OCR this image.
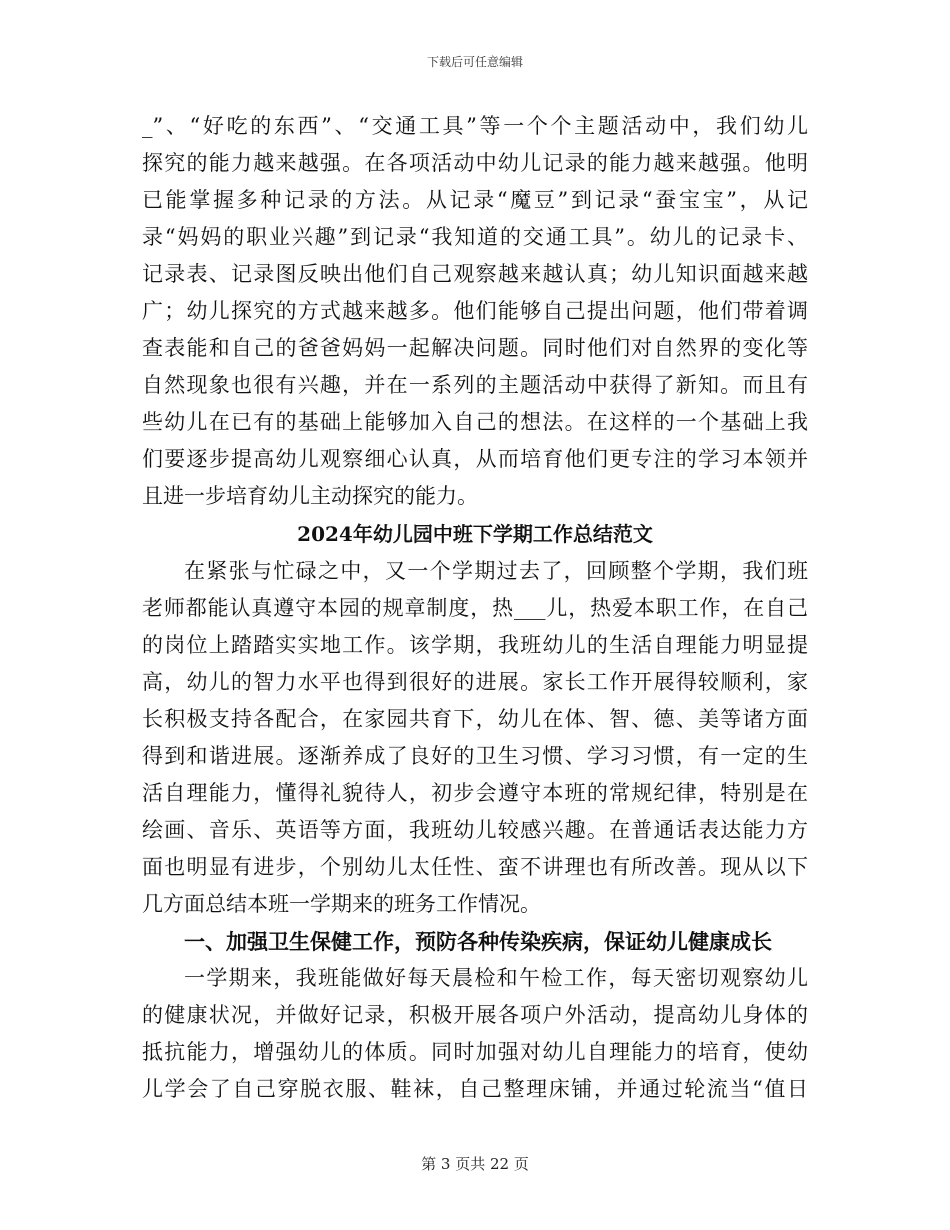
下载后可任意编辑
_”、“好吃的东西”、“交通工具”等一个个主题活动中，我们幼儿
探究的能力越来越强。在各项活动中幼儿记录的能力越来越强。他明
已能掌握多种记录的方法。从记录“魔豆”到记录“蚕宝宝”，从记
录“妈妈的职业兴趣”到记录“我知道的交通工具”。幼儿的记录卡、
记录表、记录图反映出他们自己观察越来越认真；幼儿知识面越来越
广；幼儿探究的方式越来越多。他们能够自己提出问题，他们带着调
查表能和自己的爸爸妈妈一起解决问题。同时他们对自然界的变化等
自然现象也很有兴趣，并在一系列的主题活动中获得了新知。而且有
些幼儿在已有的基础上能够加入自己的想法。在这样的一个基础上我
们要逐步提高幼儿观察细心认真，从而培育他们更专注的学习本领并
且进一步培育幼儿主动探究的能力。
2024年幼儿园中班下学期工作总结范文
在紧张与忙碌之中，又一个学期过去了，回顾整个学期，我们班
老师都能认真遵守本园的规章制度，热___儿，热爱本职工作，在自己
的岗位上踏踏实实地工作。该学期，我班幼儿的生活自理能力明显提
高，幼儿的智力水平也得到很好的进展。家长工作开展得较顺利，家
长积极支持各配合，在家园共育下，幼儿在体、智、德、美等诸方面
得到和谐进展。逐渐养成了良好的卫生习惯、学习习惯，有一定的生
活自理能力，懂得礼貌待人，初步会遵守本班的常规纪律，特别是在
绘画、音乐、英语等方面，我班幼儿较感兴趣。在普通话表达能力方
面也明显有进步，个别幼儿太任性、蛮不讲理也有所改善。现从以下
几方面总结本班一学期来的班务工作情况。
一、加强卫生保健工作，预防各种传染疾病，保证幼儿健康成长
一学期来，我班能做好每天晨检和午检工作，每天密切观察幼儿
的健康状况，并做好记录，积极开展各项户外活动，提高幼儿身体的
抵抗能力，增强幼儿的体质。同时加强对幼儿自理能力的培育，使幼
儿学会了自己穿脱衣服、鞋袜，自己整理床铺，并通过轮流当“值日
第 3 页共 22 页
